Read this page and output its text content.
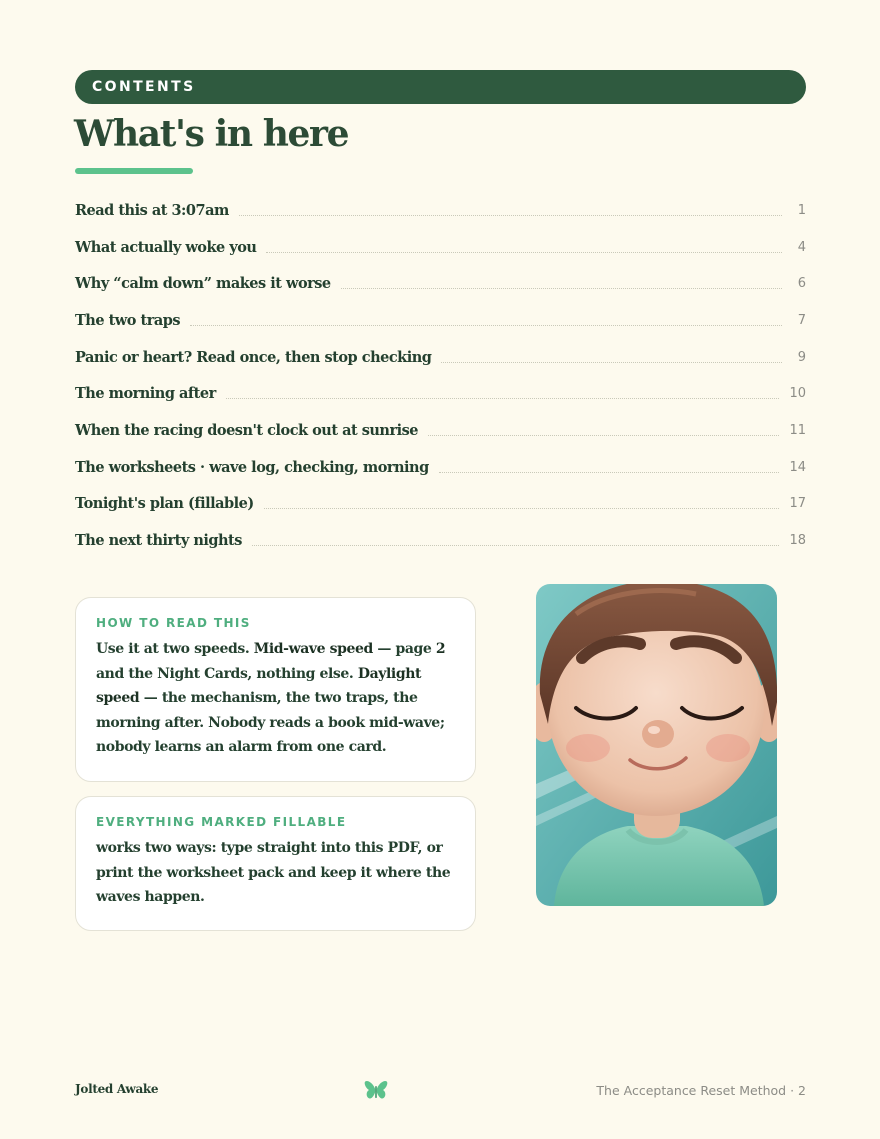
CONTENTS
What's in here
Read this at 3:07am	1
What actually woke you	4
Why “calm down” makes it worse	6
The two traps	7
Panic or heart? Read once, then stop checking	9
The morning after	10
When the racing doesn't clock out at sunrise	11
The worksheets · wave log, checking, morning	14
Tonight's plan (fillable)	17
The next thirty nights	18

HOW TO READ THIS

Use it at two speeds. Mid-wave speed — page 2 and the Night Cards, nothing else. Daylight speed — the mechanism, the two traps, the morning after. Nobody reads a book mid-wave; nobody learns an alarm from one card.

EVERYTHING MARKED FILLABLE

works two ways: type straight into this PDF, or print the worksheet pack and keep it where the waves happen.

Jolted Awake	The Acceptance Reset Method · 2
